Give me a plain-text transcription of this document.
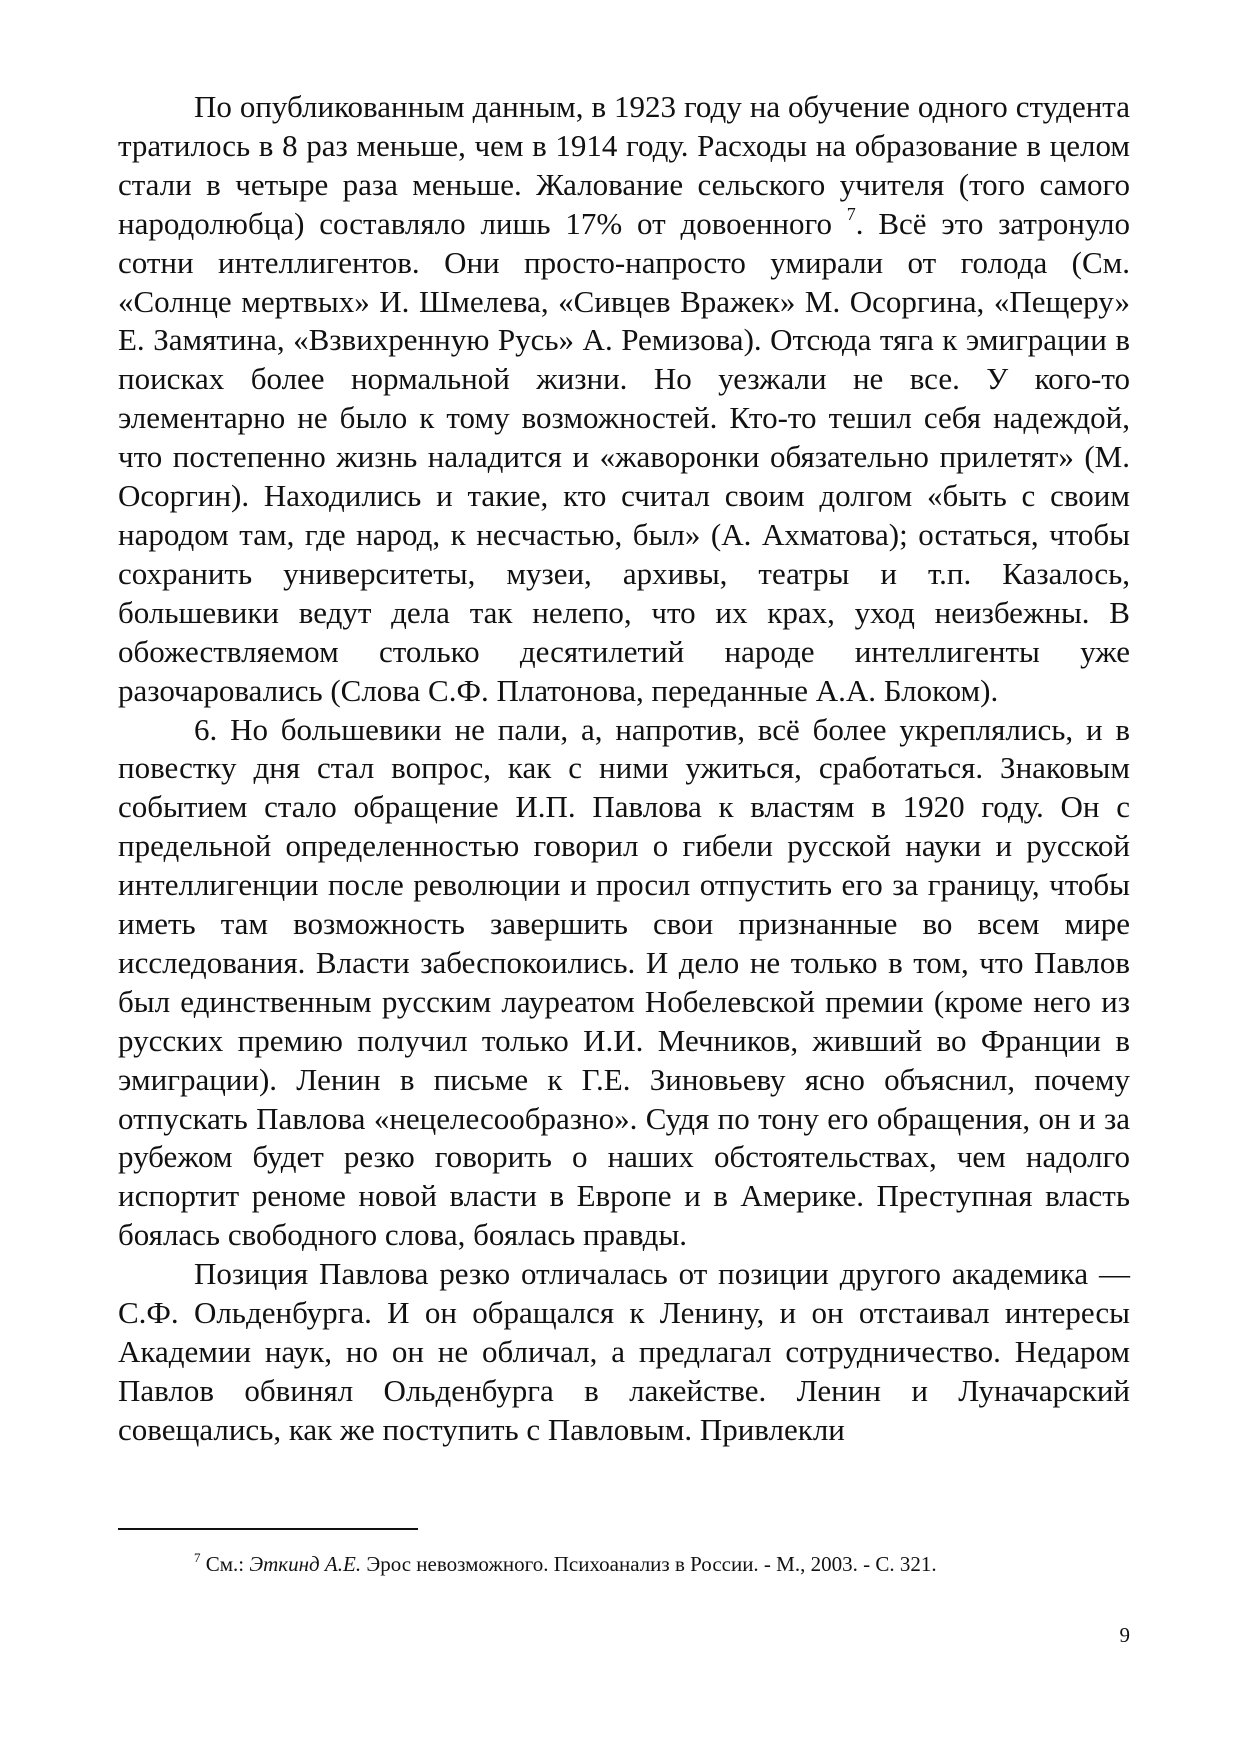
По опубликованным данным, в 1923 году на обучение одного студента тратилось в 8 раз меньше, чем в 1914 году. Расходы на образование в целом стали в четыре раза меньше. Жалование сельского учителя (того самого народолюбца) составляло лишь 17% от довоенного $^7$. Всё это затронуло сотни интеллигентов. Они просто-напросто умирали от голода (См. «Солнце мертвых» И. Шмелева, «Сивцев Вражек» М. Осоргина, «Пещеру» Е. Замятина, «Взвихренную Русь» А. Ремизова). Отсюда тяга к эмиграции в поисках более нормальной жизни. Но уезжали не все. У кого-то элементарно не было к тому возможностей. Кто-то тешил себя надеждой, что постепенно жизнь наладится и «жаворонки обязательно прилетят» (М. Осоргин). Находились и такие, кто считал своим долгом «быть с своим народом там, где народ, к несчастью, был» (А. Ахматова); остаться, чтобы сохранить университеты, музеи, архивы, театры и т.п. Казалось, большевики ведут дела так нелепо, что их крах, уход неизбежны. В обожествляемом столько десятилетий народе интеллигенты уже разочаровались (Слова С.Ф. Платонова, переданные А.А. Блоком).

6. Но большевики не пали, а, напротив, всё более укреплялись, и в повестку дня стал вопрос, как с ними ужиться, сработаться. Знаковым событием стало обращение И.П. Павлова к властям в 1920 году. Он с предельной определенностью говорил о гибели русской науки и русской интеллигенции после революции и просил отпустить его за границу, чтобы иметь там возможность завершить свои признанные во всем мире исследования. Власти забеспокоились. И дело не только в том, что Павлов был единственным русским лауреатом Нобелевской премии (кроме него из русских премию получил только И.И. Мечников, живший во Франции в эмиграции). Ленин в письме к Г.Е. Зиновьеву ясно объяснил, почему отпускать Павлова «нецелесообразно». Судя по тону его обращения, он и за рубежом будет резко говорить о наших обстоятельствах, чем надолго испортит реноме новой власти в Европе и в Америке. Преступная власть боялась свободного слова, боялась правды.

Позиция Павлова резко отличалась от позиции другого академика — С.Ф. Ольденбурга. И он обращался к Ленину, и он отстаивал интересы Академии наук, но он не обличал, а предлагал сотрудничество. Недаром Павлов обвинял Ольденбурга в лакействе. Ленин и Луначарский совещались, как же поступить с Павловым. Привлекли

$^7$ См.: Эткинд А.Е. Эрос невозможного. Психоанализ в России. - М., 2003. - С. 321.

9
